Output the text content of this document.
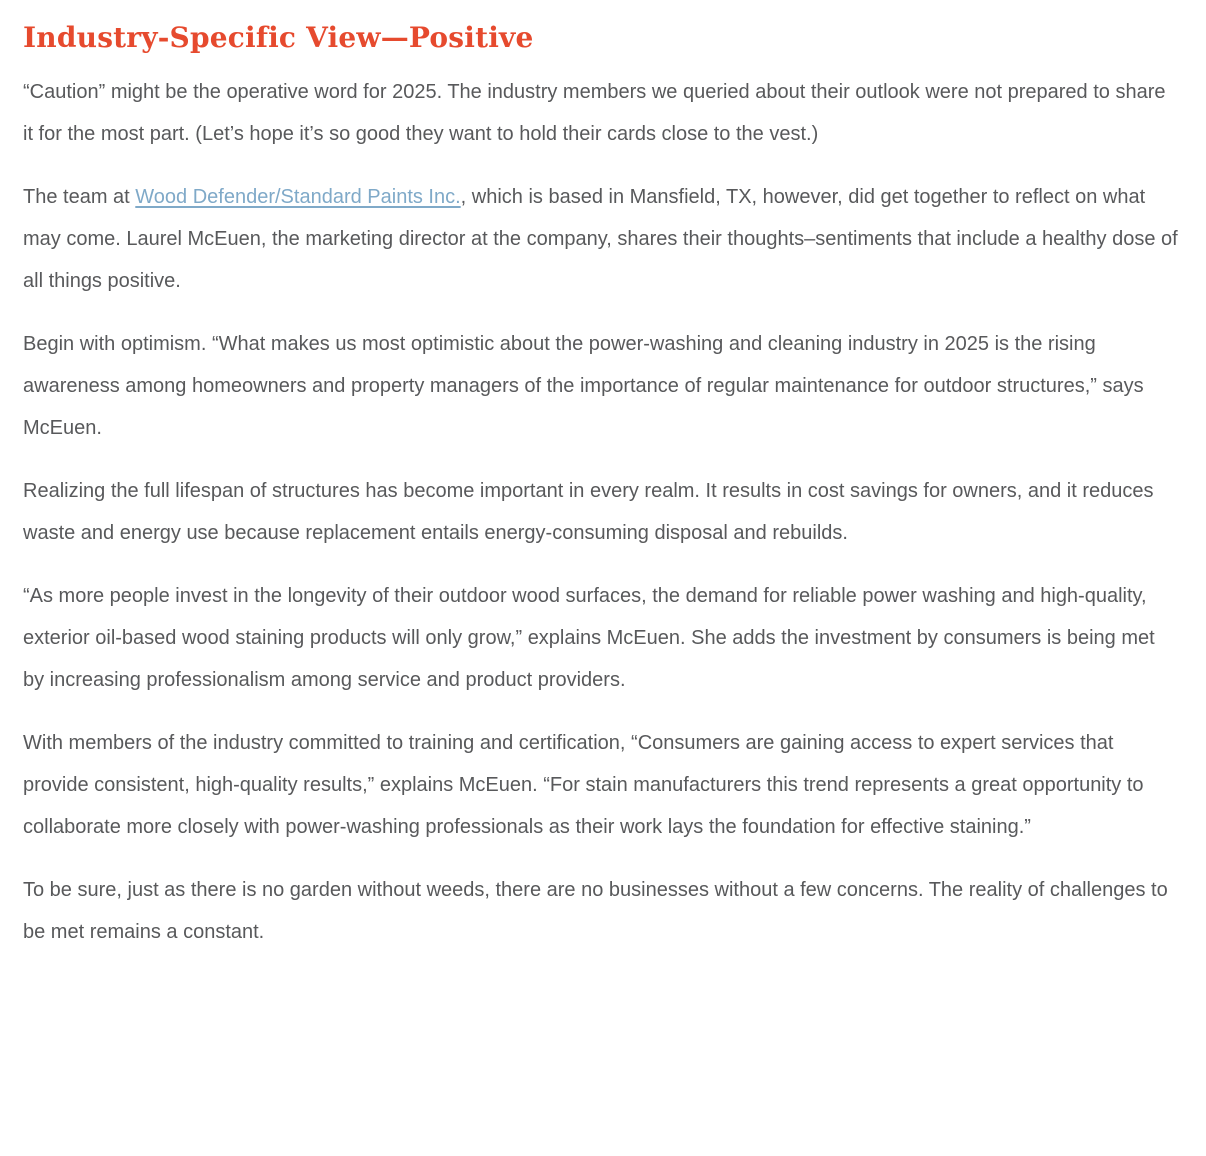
Industry-Specific View—Positive

“Caution” might be the operative word for 2025. The industry members we queried about their outlook were not prepared to share it for the most part. (Let’s hope it’s so good they want to hold their cards close to the vest.)

The team at Wood Defender/Standard Paints Inc., which is based in Mansfield, TX, however, did get together to reflect on what may come. Laurel McEuen, the marketing director at the company, shares their thoughts–sentiments that include a healthy dose of all things positive.

Begin with optimism. “What makes us most optimistic about the power-washing and cleaning industry in 2025 is the rising awareness among homeowners and property managers of the importance of regular maintenance for outdoor structures,” says McEuen.

Realizing the full lifespan of structures has become important in every realm. It results in cost savings for owners, and it reduces waste and energy use because replacement entails energy-consuming disposal and rebuilds.

“As more people invest in the longevity of their outdoor wood surfaces, the demand for reliable power washing and high-quality, exterior oil-based wood staining products will only grow,” explains McEuen. She adds the investment by consumers is being met by increasing professionalism among service and product providers.

With members of the industry committed to training and certification, “Consumers are gaining access to expert services that provide consistent, high-quality results,” explains McEuen. “For stain manufacturers this trend represents a great opportunity to collaborate more closely with power-washing professionals as their work lays the foundation for effective staining.”

To be sure, just as there is no garden without weeds, there are no businesses without a few concerns. The reality of challenges to be met remains a constant.
